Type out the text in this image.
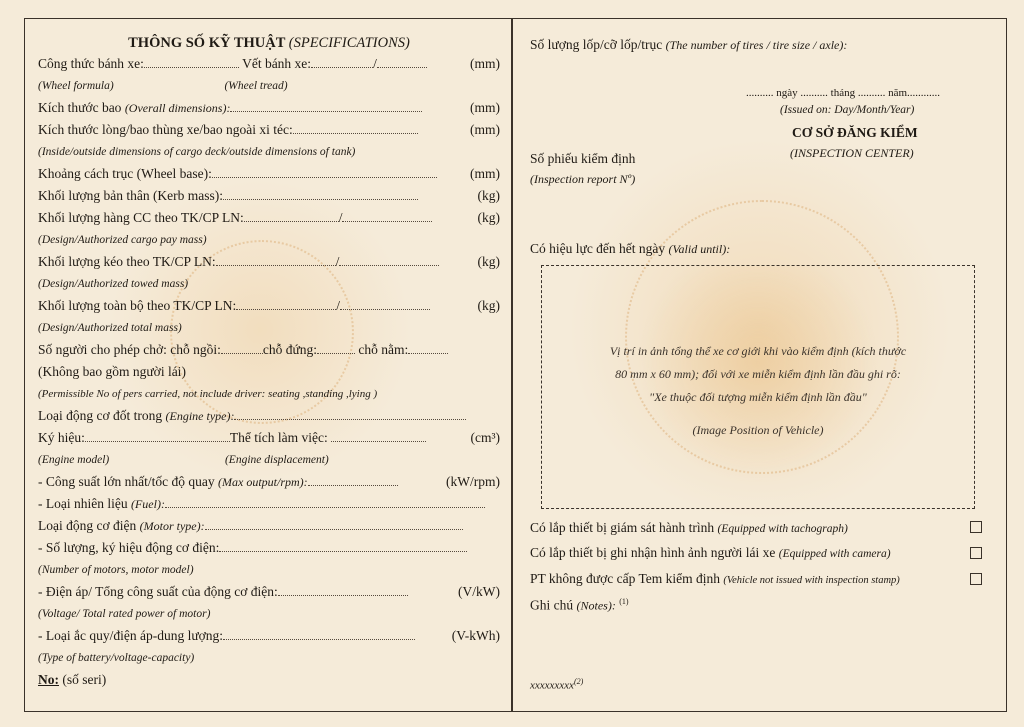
THÔNG SỐ KỸ THUẬT (SPECIFICATIONS)
Công thức bánh xe:	Vết bánh xe:	/	(mm)
(Wheel formula)	(Wheel tread)
Kích thước bao (Overall dimensions):	(mm)
Kích thước lòng/bao thùng xe/bao ngoài xi téc:	(mm)
(Inside/outside dimensions of cargo deck/outside dimensions of tank)
Khoảng cách trục (Wheel base):	(mm)
Khối lượng bản thân (Kerb mass):	(kg)
Khối lượng hàng CC theo TK/CP LN:	/	(kg)
(Design/Authorized cargo pay mass)
Khối lượng kéo theo TK/CP LN:	/	(kg)
(Design/Authorized towed mass)
Khối lượng toàn bộ theo TK/CP LN:	/	(kg)
(Design/Authorized total mass)
Số người cho phép chở: chỗ ngồi:	chỗ đứng:	chỗ nằm:
(Không bao gồm người lái)
(Permissible No of pers carried, not include driver: seating ,standing ,lying )
Loại động cơ đốt trong (Engine type):
Ký hiệu:	Thể tích làm việc:	(cm³)
(Engine model)	(Engine displacement)
- Công suất lớn nhất/tốc độ quay (Max output/rpm):	(kW/rpm)
- Loại nhiên liệu (Fuel):
Loại động cơ điện (Motor type):
- Số lượng, ký hiệu động cơ điện:
(Number of motors, motor model)
- Điện áp/ Tổng công suất của động cơ điện:	(V/kW)
(Voltage/ Total rated power of motor)
- Loại ắc quy/điện áp-dung lượng:	(V-kWh)
(Type of battery/voltage-capacity)
No: (số seri)
Số lượng lốp/cỡ lốp/trục (The number of tires / tire size / axle):
.......... ngày .......... tháng .......... năm............
(Issued on: Day/Month/Year)
CƠ SỞ ĐĂNG KIỂM
(INSPECTION CENTER)
Số phiếu kiểm định
(Inspection report Nº)
Có hiệu lực đến hết ngày (Valid until):
Vị trí in ảnh tổng thể xe cơ giới khi vào kiểm định (kích thước
80 mm x 60 mm); đối với xe miễn kiểm định lần đầu ghi rõ:
"Xe thuộc đối tượng miễn kiểm định lần đầu"
(Image Position of Vehicle)
Có lắp thiết bị giám sát hành trình (Equipped with tachograph)
Có lắp thiết bị ghi nhận hình ảnh người lái xe (Equipped with camera)
PT không được cấp Tem kiểm định (Vehicle not issued with inspection stamp)
Ghi chú (Notes): $^{(1)}$
xxxxxxxxx$^{(2)}$
